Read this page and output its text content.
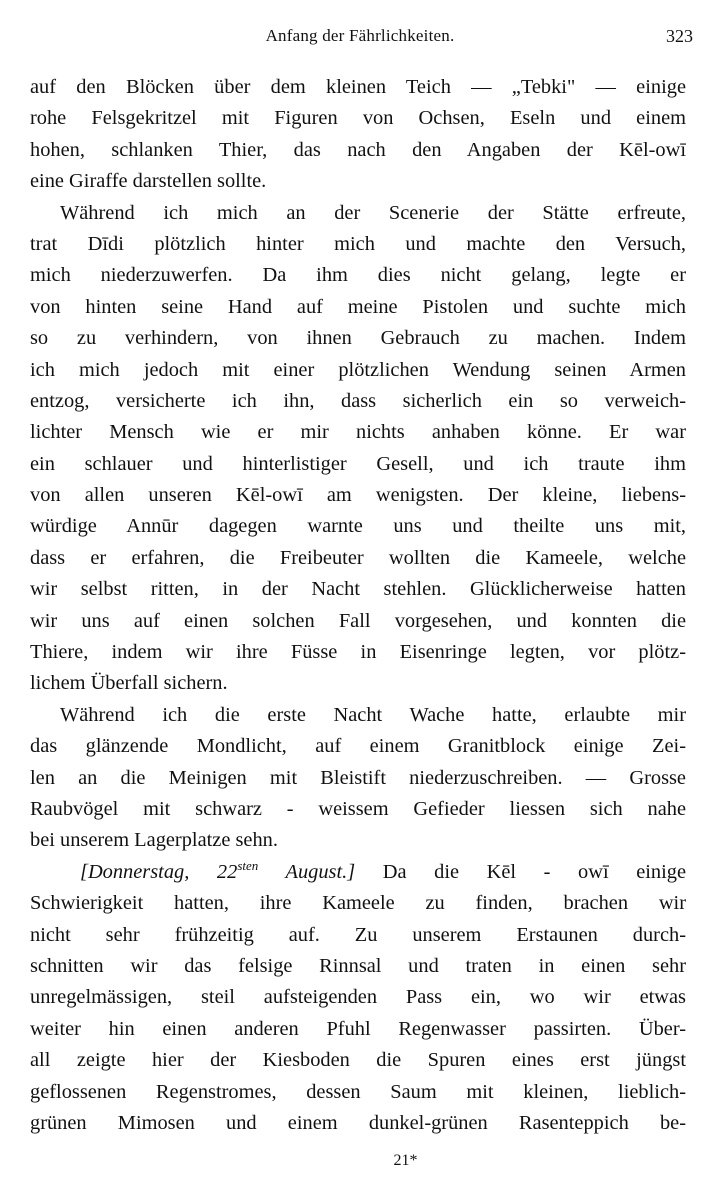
Anfang der Fährlichkeiten.	323
auf den Blöcken über dem kleinen Teich — „Tebki" — einige
rohe Felsgekritzel mit Figuren von Ochsen, Eseln und einem
hohen, schlanken Thier, das nach den Angaben der Kēl-owī
eine Giraffe darstellen sollte.
Während ich mich an der Scenerie der Stätte erfreute,
trat Dīdi plötzlich hinter mich und machte den Versuch,
mich niederzuwerfen. Da ihm dies nicht gelang, legte er
von hinten seine Hand auf meine Pistolen und suchte mich
so zu verhindern, von ihnen Gebrauch zu machen. Indem
ich mich jedoch mit einer plötzlichen Wendung seinen Armen
entzog, versicherte ich ihn, dass sicherlich ein so verweich-
lichter Mensch wie er mir nichts anhaben könne. Er war
ein schlauer und hinterlistiger Gesell, und ich traute ihm
von allen unseren Kēl-owī am wenigsten. Der kleine, liebens-
würdige Annūr dagegen warnte uns und theilte uns mit,
dass er erfahren, die Freibeuter wollten die Kameele, welche
wir selbst ritten, in der Nacht stehlen. Glücklicherweise hatten
wir uns auf einen solchen Fall vorgesehen, und konnten die
Thiere, indem wir ihre Füsse in Eisenringe legten, vor plötz-
lichem Überfall sichern.
Während ich die erste Nacht Wache hatte, erlaubte mir
das glänzende Mondlicht, auf einem Granitblock einige Zei-
len an die Meinigen mit Bleistift niederzuschreiben. — Grosse
Raubvögel mit schwarz - weissem Gefieder liessen sich nahe
bei unserem Lagerplatze sehn.
[Donnerstag, $22^{sten}$ August.] Da die Kēl - owī einige
Schwierigkeit hatten, ihre Kameele zu finden, brachen wir
nicht sehr frühzeitig auf. Zu unserem Erstaunen durch-
schnitten wir das felsige Rinnsal und traten in einen sehr
unregelmässigen, steil aufsteigenden Pass ein, wo wir etwas
weiter hin einen anderen Pfuhl Regenwasser passirten. Über-
all zeigte hier der Kiesboden die Spuren eines erst jüngst
geflossenen Regenstromes, dessen Saum mit kleinen, lieblich-
grünen Mimosen und einem dunkel-grünen Rasenteppich be-
21*
